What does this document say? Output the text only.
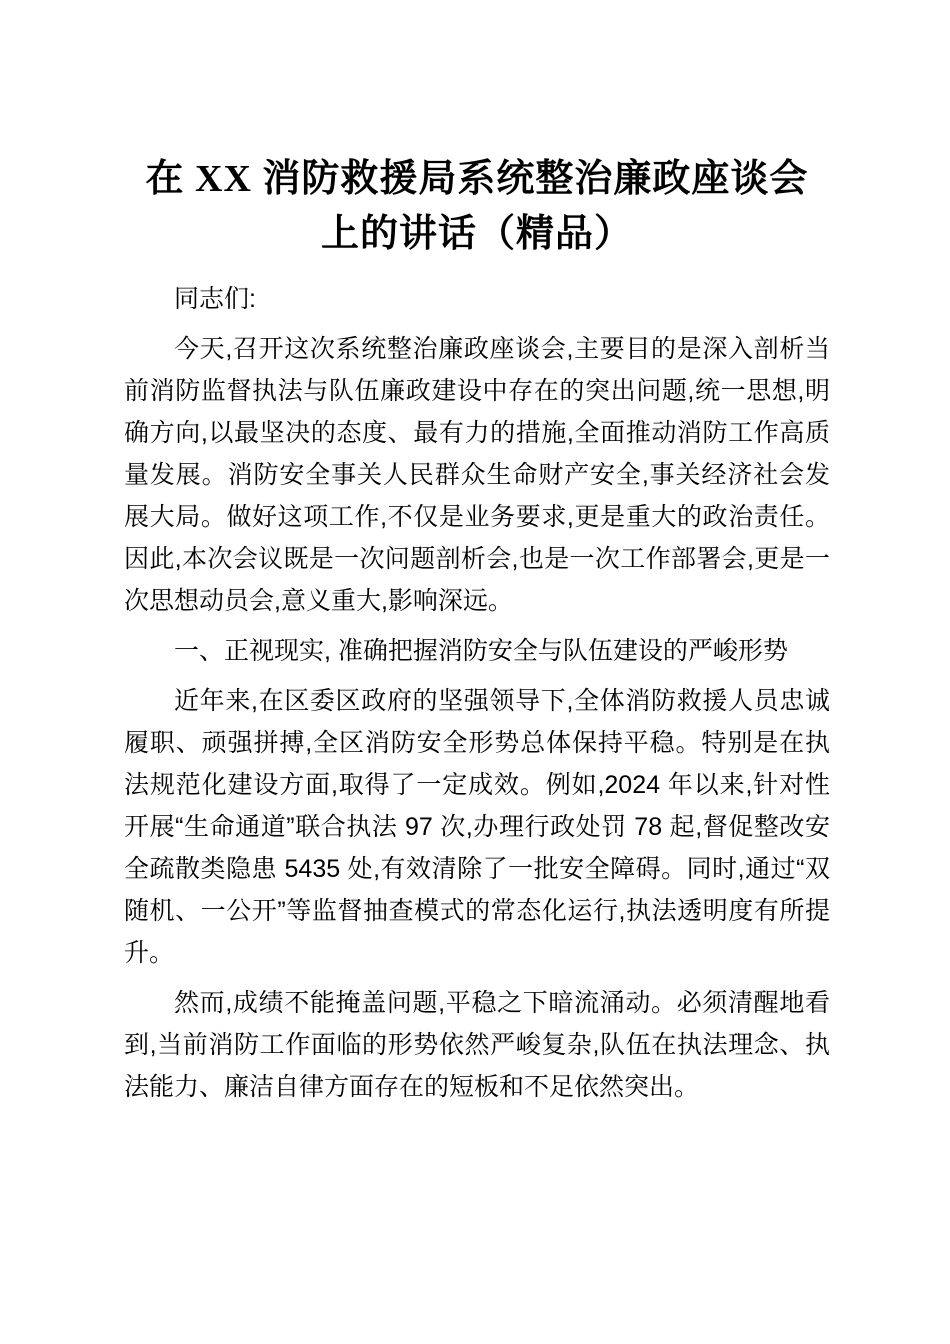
在 XX 消防救援局系统整治廉政座谈会
上的讲话（精品）

同志们:

今天,召开这次系统整治廉政座谈会,主要目的是深入剖析当前消防监督执法与队伍廉政建设中存在的突出问题,统一思想,明确方向,以最坚决的态度、最有力的措施,全面推动消防工作高质量发展。消防安全事关人民群众生命财产安全,事关经济社会发展大局。做好这项工作,不仅是业务要求,更是重大的政治责任。因此,本次会议既是一次问题剖析会,也是一次工作部署会,更是一次思想动员会,意义重大,影响深远。

一、正视现实, 准确把握消防安全与队伍建设的严峻形势

近年来,在区委区政府的坚强领导下,全体消防救援人员忠诚履职、顽强拼搏,全区消防安全形势总体保持平稳。特别是在执法规范化建设方面,取得了一定成效。例如,2024 年以来,针对性开展“生命通道”联合执法 97 次,办理行政处罚 78 起,督促整改安全疏散类隐患 5435 处,有效清除了一批安全障碍。同时,通过“双随机、一公开”等监督抽查模式的常态化运行,执法透明度有所提升。

然而,成绩不能掩盖问题,平稳之下暗流涌动。必须清醒地看到,当前消防工作面临的形势依然严峻复杂,队伍在执法理念、执法能力、廉洁自律方面存在的短板和不足依然突出。
